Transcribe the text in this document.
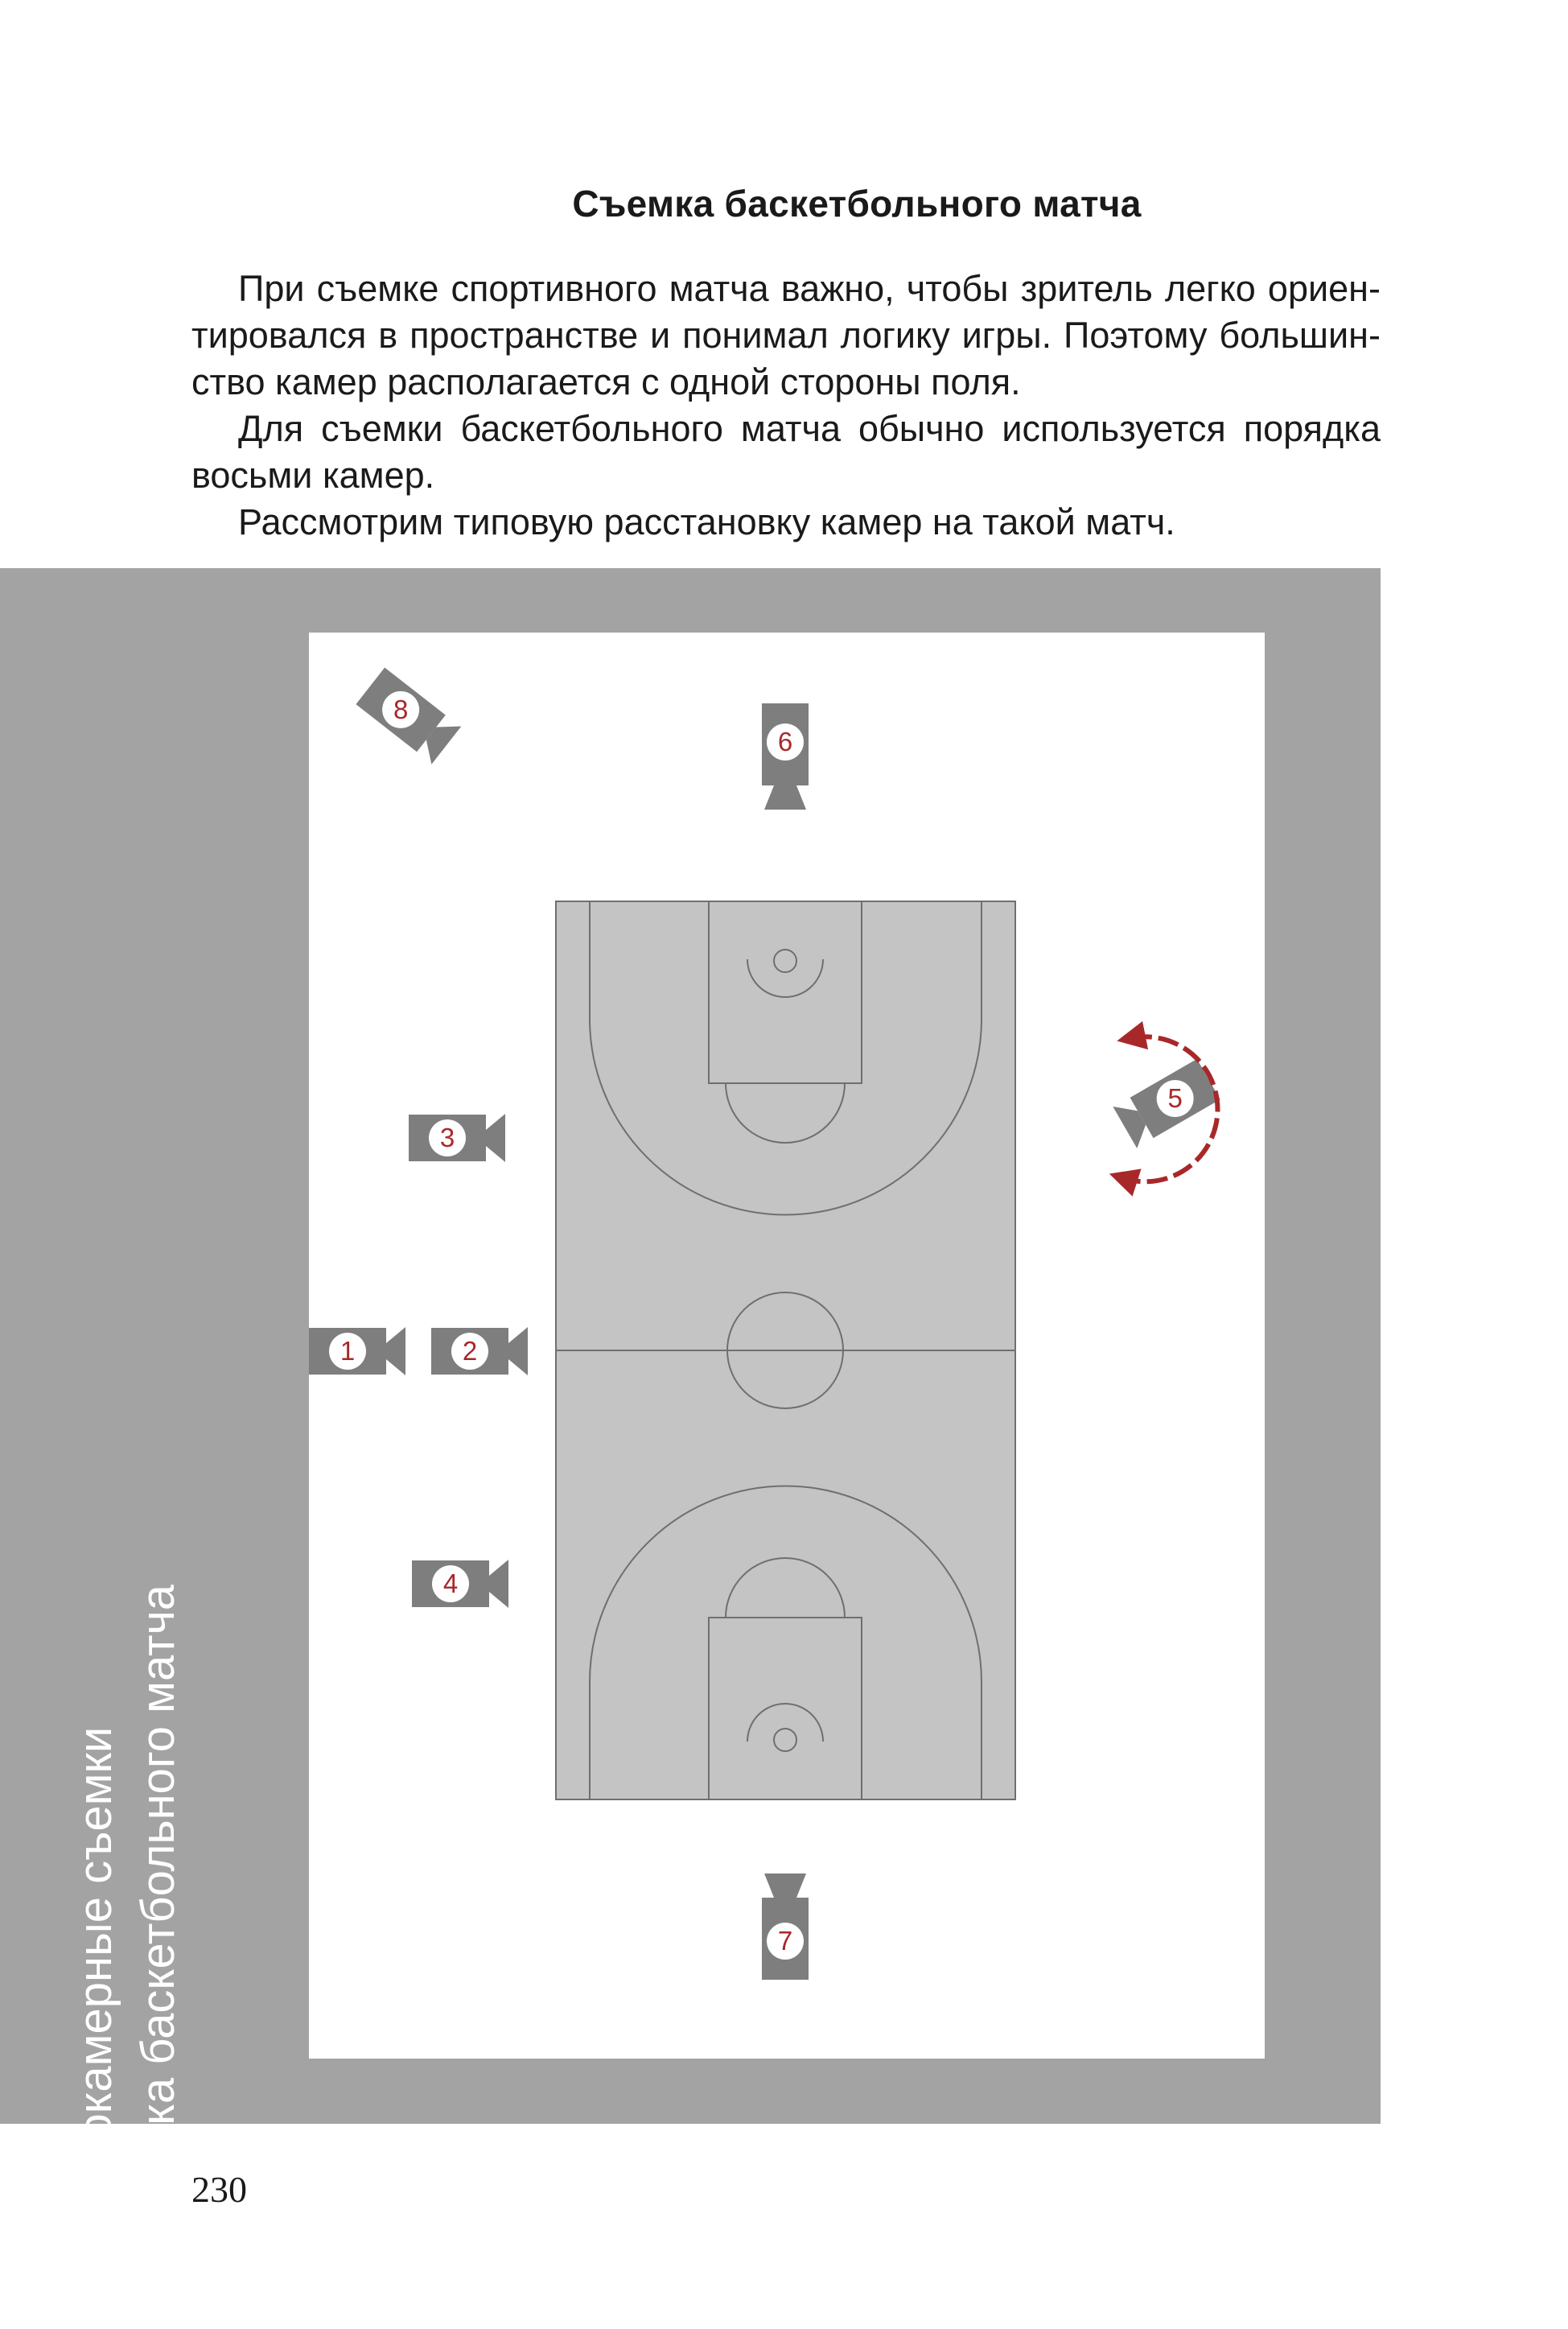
Съемка баскетбольного матча

При съемке спортивного матча важно, чтобы зритель легко ориентировался в пространстве и понимал логику игры. Поэтому большинство камер располагается с одной стороны поля.

Для съемки баскетбольного матча обычно используется порядка восьми камер.

Рассмотрим типовую расстановку камер на такой матч.

Многокамерные съемки Съемка баскетбольного матча
1	2
3
4
5
6
7
8
230
